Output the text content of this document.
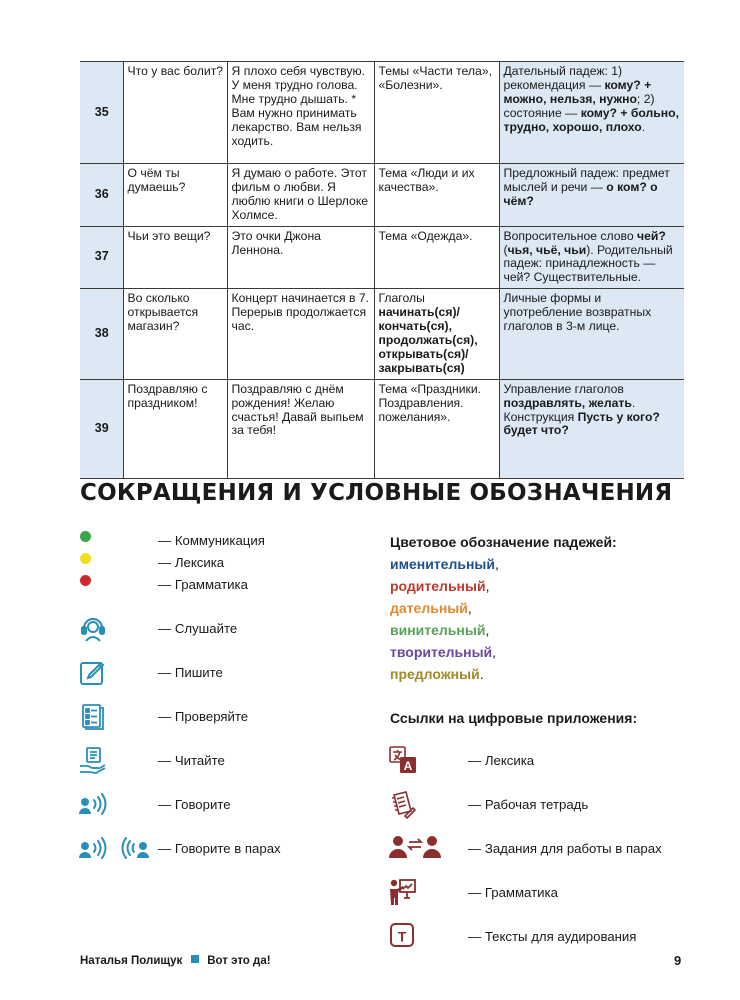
35	Что у вас болит?	Я плохо себя чувствую. У меня трудно голова. Мне трудно дышать. * Вам нужно принимать лекарство. Вам нельзя ходить.	Темы «Части тела», «Болезни».	Дательный падеж: 1) рекомендация — кому? + можно, нельзя, нужно; 2) состояние — кому? + больно, трудно, хорошо, плохо.
36	О чём ты думаешь?	Я думаю о работе. Этот фильм о любви. Я люблю книги о Шерлоке Холмсе.	Тема «Люди и их качества».	Предложный падеж: предмет мыслей и речи — о ком? о чём?
37	Чьи это вещи?	Это очки Джона Леннона.	Тема «Одежда».	Вопросительное слово чей? (чья, чьё, чьи). Родительный падеж: принадлежность — чей? Существительные.
38	Во сколько открывается магазин?	Концерт начинается в 7. Перерыв продолжается час.	Глаголы начинать(ся)/ кончать(ся), продолжать(ся), открывать(ся)/ закрывать(ся)	Личные формы и употребление возвратных глаголов в 3-м лице.
39	Поздравляю с праздником!	Поздравляю с днём рождения! Желаю счастья! Давай выпьем за тебя!	Тема «Праздники. Поздравления. пожелания».	Управление глаголов поздравлять, желать. Конструкция Пусть у кого? будет что?
СОКРАЩЕНИЯ И УСЛОВНЫЕ ОБОЗНАЧЕНИЯ
— Коммуникация
— Лексика
— Грамматика
— Слушайте
— Пишите
— Проверяйте
— Читайте
— Говорите
— Говорите в парах
Цветовое обозначение падежей:
именительный,
родительный,
дательный,
винительный,
творительный,
предложный.
Ссылки на цифровые приложения:
A	— Лексика
— Рабочая тетрадь
— Задания для работы в парах
— Грамматика
T	— Тексты для аудирования
Наталья Полищук Вот это да!	9
